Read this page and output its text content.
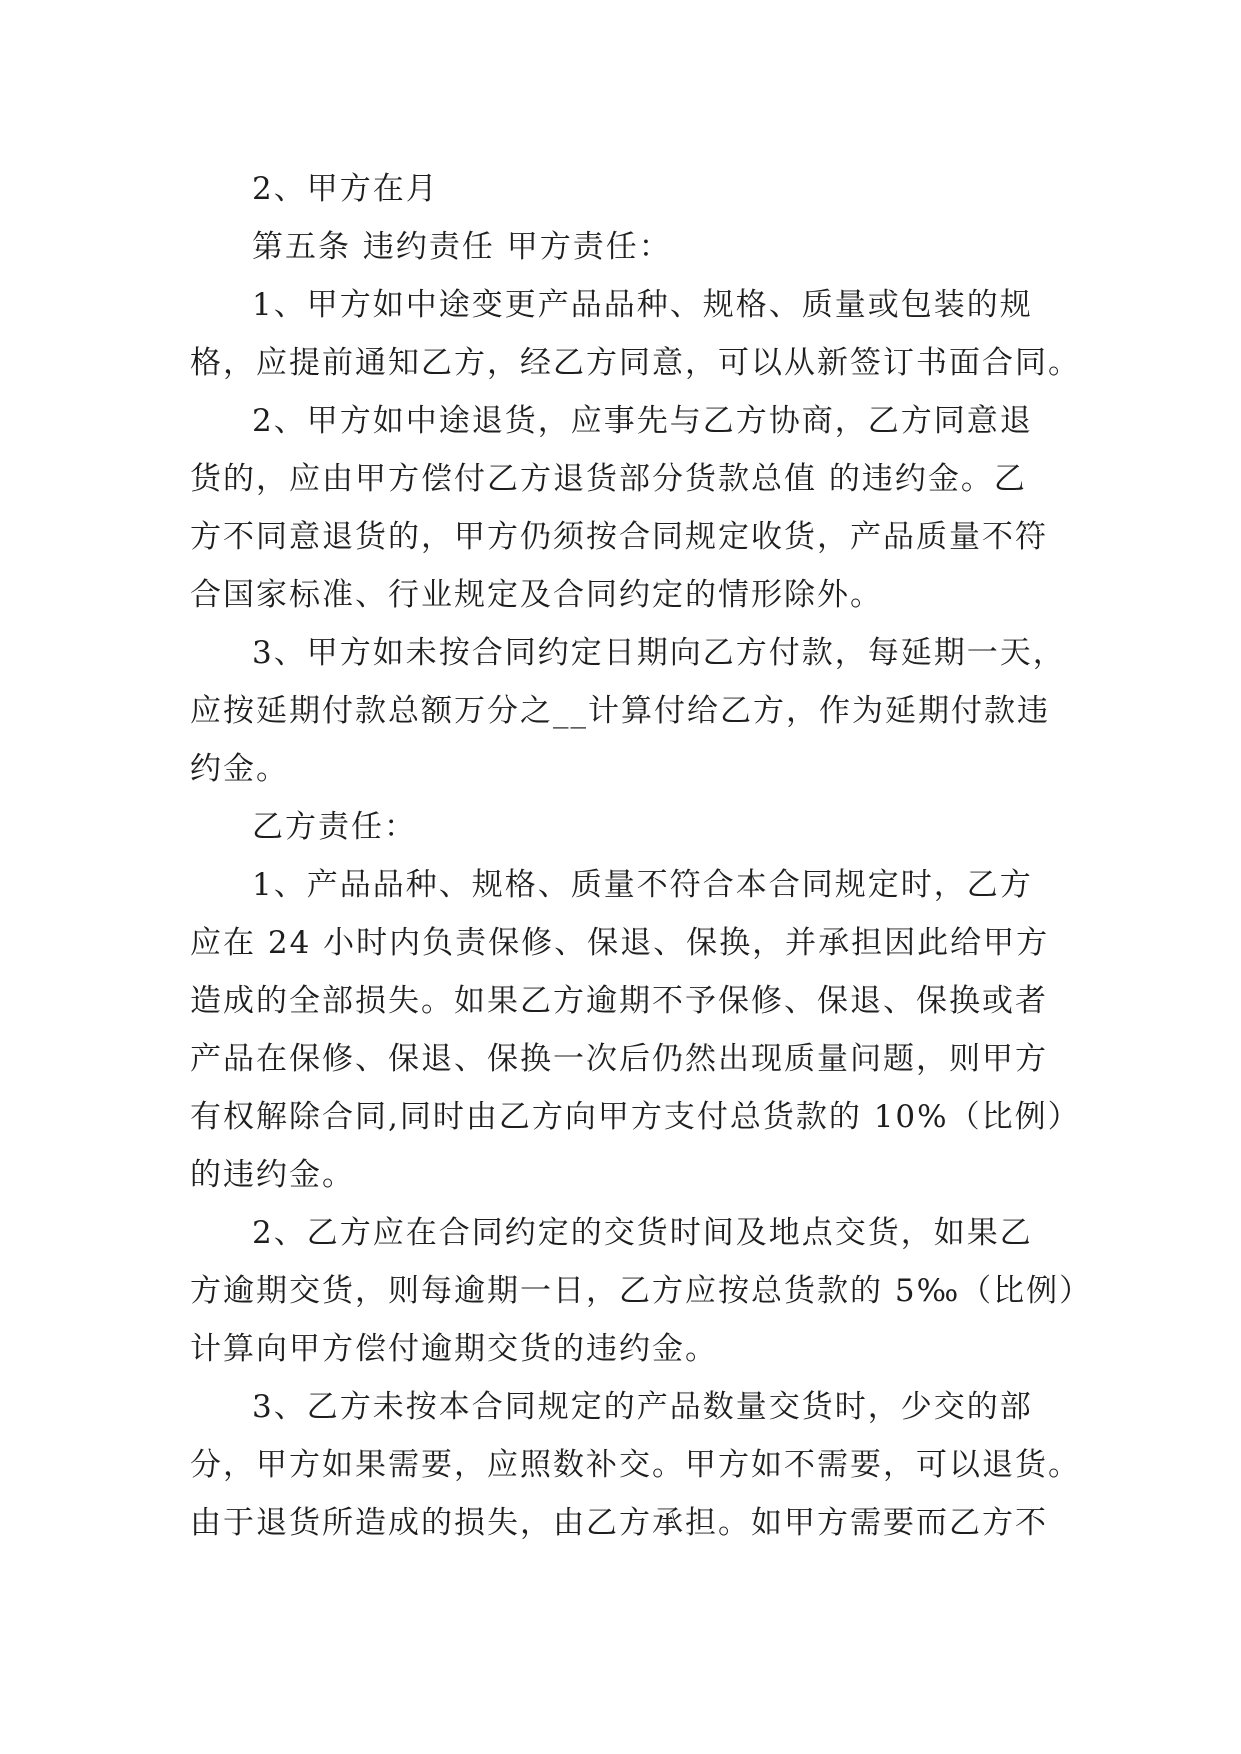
2、甲方在月
第五条 违约责任 甲方责任：
1、甲方如中途变更产品品种、规格、质量或包装的规
格，应提前通知乙方，经乙方同意，可以从新签订书面合同。
2、甲方如中途退货，应事先与乙方协商，乙方同意退
货的，应由甲方偿付乙方退货部分货款总值 的违约金。乙
方不同意退货的，甲方仍须按合同规定收货，产品质量不符
合国家标准、行业规定及合同约定的情形除外。
3、甲方如未按合同约定日期向乙方付款，每延期一天，
应按延期付款总额万分之__计算付给乙方，作为延期付款违
约金。
乙方责任：
1、产品品种、规格、质量不符合本合同规定时，乙方
应在 24 小时内负责保修、保退、保换，并承担因此给甲方
造成的全部损失。如果乙方逾期不予保修、保退、保换或者
产品在保修、保退、保换一次后仍然出现质量问题，则甲方
有权解除合同,同时由乙方向甲方支付总货款的 10%（比例）
的违约金。
2、乙方应在合同约定的交货时间及地点交货，如果乙
方逾期交货，则每逾期一日，乙方应按总货款的 5‰（比例）
计算向甲方偿付逾期交货的违约金。
3、乙方未按本合同规定的产品数量交货时，少交的部
分，甲方如果需要，应照数补交。甲方如不需要，可以退货。
由于退货所造成的损失，由乙方承担。如甲方需要而乙方不
